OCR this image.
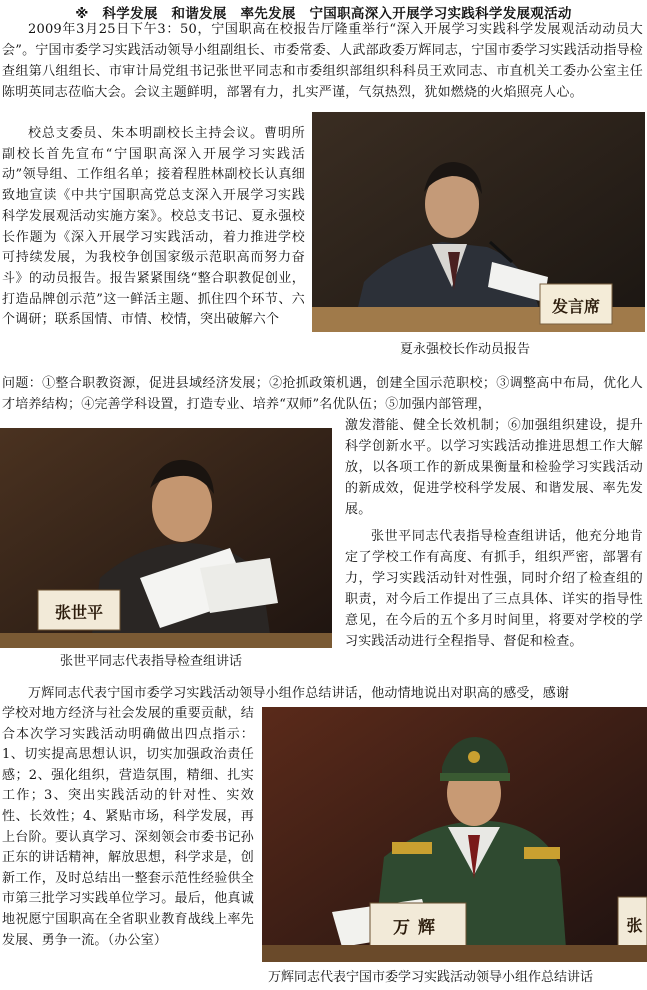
※　科学发展　和谐发展　率先发展　宁国职高深入开展学习实践科学发展观活动
2009年3月25日下午3：50，宁国职高在校报告厅隆重举行“深入开展学习实践科学发展观活动动员大会”。宁国市委学习实践活动领导小组副组长、市委常委、人武部政委万辉同志，宁国市委学习实践活动指导检查组第八组组长、市审计局党组书记张世平同志和市委组织部组织科科员王欢同志、市直机关工委办公室主任陈明英同志莅临大会。会议主题鲜明，部署有力，扎实严谨，气氛热烈，犹如燃烧的火焰照亮人心。
校总支委员、朱本明副校长主持会议。曹明所副校长首先宣布“宁国职高深入开展学习实践活动”领导组、工作组名单；接着程胜林副校长认真细致地宣读《中共宁国职高党总支深入开展学习实践科学发展观活动实施方案》。校总支书记、夏永强校长作题为《深入开展学习实践活动，着力推进学校可持续发展，为我校争创国家级示范职高而努力奋斗》的动员报告。报告紧紧围绕“整合职教促创业，打造品牌创示范”这一鲜活主题、抓住四个环节、六个调研；联系国情、市情、校情，突出破解六个
发言席
夏永强校长作动员报告
问题：①整合职教资源，促进县域经济发展；②抢抓政策机遇，创建全国示范职校；③调整高中布局，优化人才培养结构；④完善学科设置，打造专业、培养“双师”名优队伍；⑤加强内部管理，
张世平
激发潜能、健全长效机制；⑥加强组织建设，提升科学创新水平。以学习实践活动推进思想工作大解放，以各项工作的新成果衡量和检验学习实践活动的新成效，促进学校科学发展、和谐发展、率先发展。
张世平同志代表指导检查组讲话，他充分地肯定了学校工作有高度、有抓手，组织严密，部署有力，学习实践活动针对性强，同时介绍了检查组的职责，对今后工作提出了三点具体、详实的指导性意见，在今后的五个多月时间里，将要对学校的学习实践活动进行全程指导、督促和检查。
张世平同志代表指导检查组讲话
万辉同志代表宁国市委学习实践活动领导小组作总结讲话，他动情地说出对职高的感受，感谢
学校对地方经济与社会发展的重要贡献，结合本次学习实践活动明确做出四点指示：1、切实提高思想认识，切实加强政治责任感；2、强化组织，营造氛围，精细、扎实工作；3、突出实践活动的针对性、实效性、长效性；4、紧贴市场，科学发展，再上台阶。要认真学习、深刻领会市委书记孙正东的讲话精神，解放思想，科学求是，创新工作，及时总结出一整套示范性经验供全市第三批学习实践单位学习。最后，他真诚地祝愿宁国职高在全省职业教育战线上率先发展、勇争一流。（办公室）
万辉	张
万辉同志代表宁国市委学习实践活动领导小组作总结讲话
